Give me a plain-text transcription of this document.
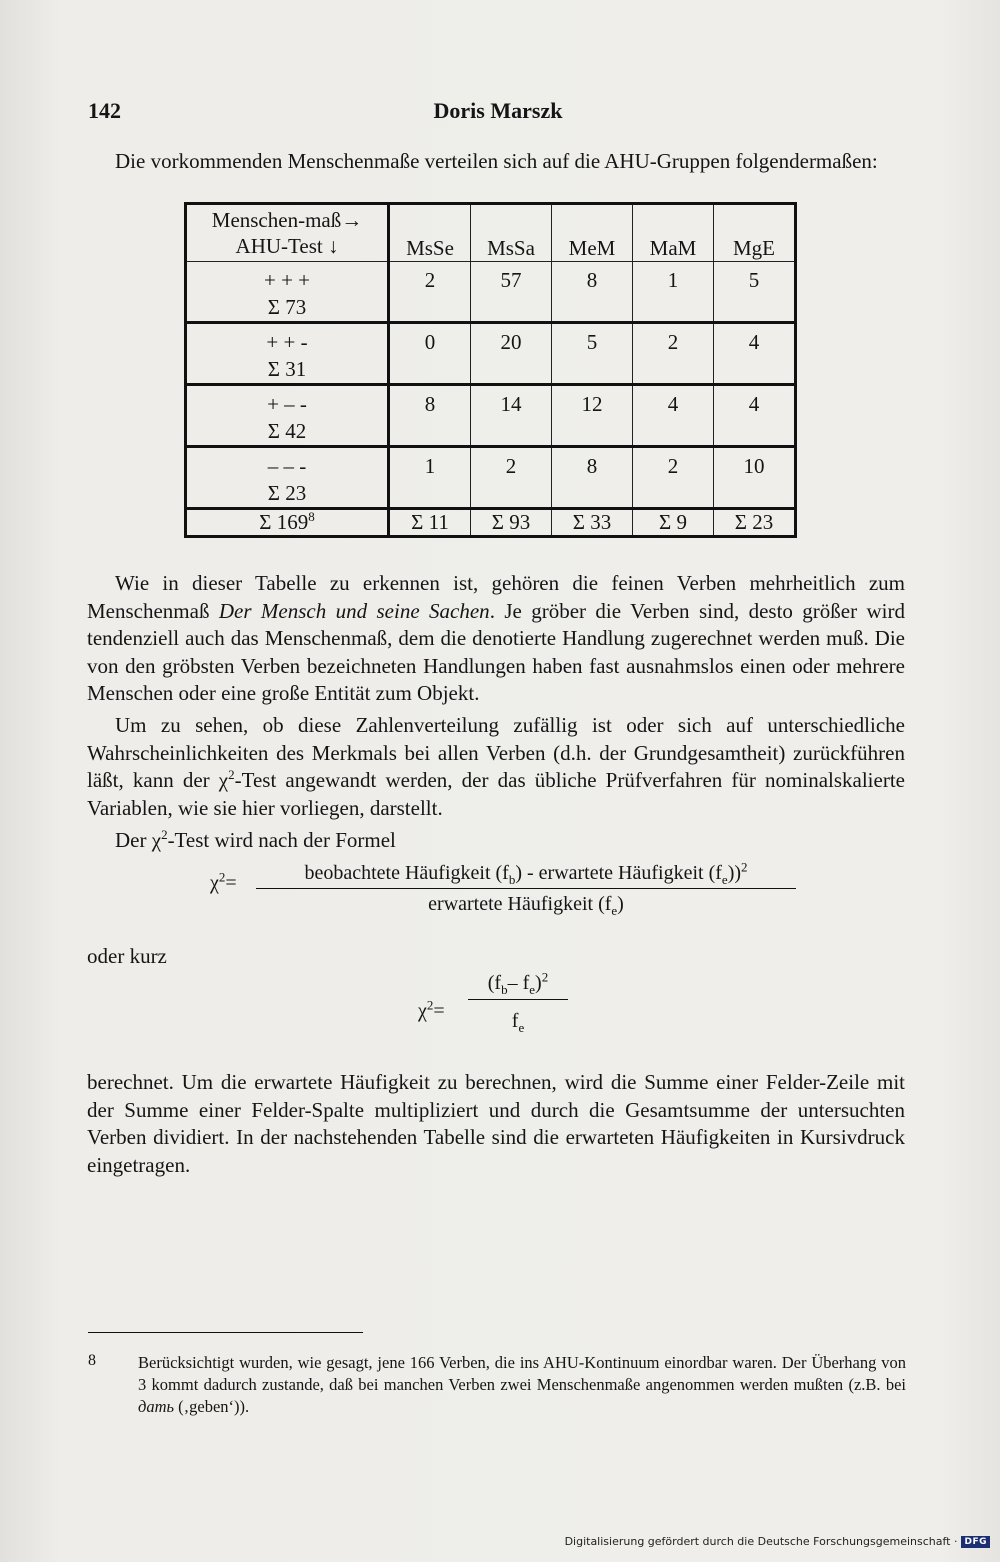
142	Doris Marszk
Die vorkommenden Menschenmaße verteilen sich auf die AHU-Gruppen folgendermaßen:
Menschen-maß→
AHU-Test ↓	MsSe	MsSa	MeM	MaM	MgE

+ + +
Σ 73	2	57	8	1	5

+ + -
Σ 31	0	20	5	2	4

+ – -
Σ 42	8	14	12	4	4

– – -
Σ 23	1	2	8	2	10
Σ $169^8$	Σ 11	Σ 93	Σ 33	Σ 9	Σ 23
Wie in dieser Tabelle zu erkennen ist, gehören die feinen Verben mehrheitlich zum Menschenmaß Der Mensch und seine Sachen. Je gröber die Verben sind, desto größer wird tendenziell auch das Menschenmaß, dem die denotierte Handlung zugerechnet werden muß. Die von den gröbsten Verben bezeichneten Handlungen haben fast ausnahmslos einen oder mehrere Menschen oder eine große Entität zum Objekt.
Um zu sehen, ob diese Zahlenverteilung zufällig ist oder sich auf unterschiedliche Wahrscheinlichkeiten des Merkmals bei allen Verben (d.h. der Grundgesamtheit) zurückführen läßt, kann der $\chi^2$-Test angewandt werden, der das übliche Prüfverfahren für nominalskalierte Variablen, wie sie hier vorliegen, darstellt.
Der $\chi^2$-Test wird nach der Formel
$\chi^2=$	beobachtete Häufigkeit $(f_b)$ - erwartete Häufigkeit $(f_e))^2$
erwartete Häufigkeit $(f_e)$
oder kurz
$\chi^2= \frac{(f_b- f_e)^2}{f_e}$
berechnet. Um die erwartete Häufigkeit zu berechnen, wird die Summe einer Felder-Zeile mit der Summe einer Felder-Spalte multipliziert und durch die Gesamtsumme der untersuchten Verben dividiert. In der nachstehenden Tabelle sind die erwarteten Häufigkeiten in Kursivdruck eingetragen.
8	Berücksichtigt wurden, wie gesagt, jene 166 Verben, die ins AHU-Kontinuum einordbar waren. Der Überhang von 3 kommt dadurch zustande, daß bei manchen Verben zwei Menschenmaße angenommen werden mußten (z.B. bei дать (‚geben‘)).
Digitalisierung gefördert durch die Deutsche Forschungsgemeinschaft · DFG
